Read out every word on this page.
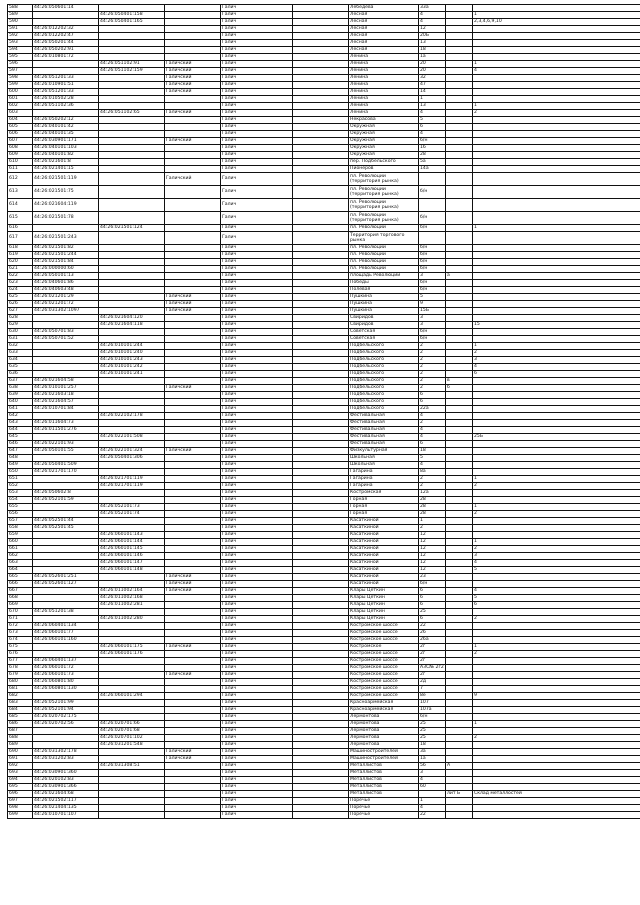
588	44:26:050601:14			Галич		Лебедева	33а		
589		44:26:050401:158		Галич		Лесная	4		1
590		44:26:050401:165		Галич		Лесная	4		2,3,4,6,9,10
591	44:26:012202:32			Галич		Лесная	12		
592	44:26:012202:47			Галич		Лесная	20Б		
593	44:26:050201:44			Галич		Лесная	13		
594	44:26:050202:91			Галич		Лесная	18		
595	44:26:010801:72			Галич		Ленина	1а		
596		44:26:051102:91	Галичский	Галич		Ленина	20		1
597		44:26:051102:159	Галичский	Галич		Ленина	20		4
598	44:26:051201:33		Галичский	Галич		Ленина	32		
599	44:26:010901:51		Галичский	Галич		Ленина	47		
600	44:26:051201:33		Галичский	Галич		Ленина	14		
601	44:26:010502:28			Галич		Ленина	1		
602	44:26:051102:36			Галич		Ленина	13		1
603		44:26:051102:65	Галичский	Галич		Ленина	4		2
604	44:26:050202:12			Галич		Некрасова	5		
605	44:26:040101:42			Галич		Окружная	6		
606	44:26:040101:35			Галич		Окружная	4		
607	44:26:030901:171		Галичский	Галич		Окружная	6/н		
608	44:26:040101:103			Галич		Окружная	16		
609	44:26:040101:82			Галич		Окружная	28		
610	44:26:021601:8			Галич		пер. Подбельского	5а		
611	44:26:021401:15			Галич		Пионеров	14а		
612	44:26:021501:119		Галичский	Галич		пл. Революции (территория рынка)			
613	44:26:021501:75			Галич		пл. Революции (территория рынка)	б/н		
614	44:26:021604:119			Галич		пл. Революции (территория рынка)			
615	44:26:021501:78			Галич		пл. Революции (территория рынка)	б/н		
616		44:26:021501:124		Галич		пл. Революции	б/н		1
617	44:26:021501:243			Галич		Территория торгового рынка			
618	44:26:021501:82			Галич		пл. Революции	б/н		
619	44:26:021501:244			Галич		пл. Революции	б/н		
620	44:26:021501:84			Галич		пл. Революции	б/н		
621	44:26:000000:60			Галич		пл. Революции	б/н		
622	44:26:050101:13			Галич		площадь Революции	3	а	
623	44:26:040601:86			Галич		Победы	б/н		
624	44:26:040603:48			Галич		Полевая	б/н		
625	44:26:021201:29		Галичский	Галич		Пушкина	5		
626	44:26:021201:72		Галичский	Галич		Пушкина	9		
627	44:26:031302:1097		Галичский	Галич		Пушкина	15Б		
628		44:26:021604:120		Галич		Свиридов	3		
629		44:26:021604:118		Галич		Свиридов	3		15
630	44:26:050701:83			Галич		Советская	б/н		
631	44:26:050701:52			Галич		Советская	б/н		
632		44:26:010101:244		Галич		Подбельского	2		1
633		44:26:010101:240		Галич		Подбельского	2		2
634		44:26:010101:243		Галич		Подбельского	2		3
635		44:26:010101:242		Галич		Подбельского	2		4
636		44:26:010101:241		Галич		Подбельского	2		6
637	44:26:021604:58			Галич		Подбельского	2	в	
638	44:26:010101:257		Галичский	Галич		Подбельского	2	б	
639	44:26:021603:18			Галич		Подбельского	6		
640	44:26:021604:57			Галич		Подбельского	6		
641	44:26:010701:84			Галич		Подбельского	22а		
642		44:26:022102:178		Галич		Фестивальная	4		
643	44:26:011604:73			Галич		Фестивальная	2		
644	44:26:011501:276			Галич		Фестивальная	4		
645		44:26:022101:508		Галич		Фестивальная	4		25Б
646	44:26:022101:93			Галич		Фестивальная	6		
647	44:26:050101:55	44:26:022101:324	Галичский	Галич		Физкультурная	18		
648		44:26:050401:306		Галич		Школьная	5		
649	44:26:050401:509			Галич		Школьная	4		
650	44:26:021701:170			Галич		Гагарина	8а		
651		44:26:021701:119		Галич		Гагарина	2		1
652		44:26:021701:119		Галич		Гагарина	2		2
653	44:26:050602:8			Галич		Костромская	12а		
654	44:26:052101:59			Галич		Горная	28		
655		44:26:052101:73		Галич		Горная	28		1
656		44:26:052101:74		Галич		Горная	28		2
657	44:26:052501:44			Галич		Касаткиной	1		
658	44:26:052501:45			Галич		Касаткиной	2		
659		44:26:060101:143		Галич		Касаткиной	12		
660		44:26:060101:144		Галич		Касаткиной	12		1
661		44:26:060101:145		Галич		Касаткиной	12		2
662		44:26:060101:146		Галич		Касаткиной	12		3
663		44:26:060101:147		Галич		Касаткиной	12		4
664		44:26:060101:148		Галич		Касаткиной	12		5
665	44:26:052601:251		Галичский	Галич		Касаткиной	23		
666	44:26:052601:127		Галичский	Галич		Касаткиной	б/н		
667		44:26:011002:164	Галичский	Галич		Клары Цеткин	6		4
668		44:26:011002:168		Галич		Клары Цеткин	6		5
669		44:26:011002:281		Галич		Клары Цеткин	6		6
670	44:26:051201:38			Галич		Клары Цеткин	25		
671		44:26:011002:280		Галич		Клары Цеткин	6		2
672	44:26:060401:134			Галич		Костромское шоссе	22		
673	44:26:060101:77			Галич		Костромское шоссе	26		
674	44:26:060101:160			Галич		Костромское шоссе	26а		
675		44:26:060101:175	Галичский	Галич		Костромское	2г		1
676		44:26:060101:176		Галич		Костромское шоссе	2г		2
677	44:26:060401:137			Галич		Костромское шоссе	2г		
678	44:26:060101:72			Галич		Костромское шоссе	АЗС№ 2г2		
679	44:26:060101:73		Галичский	Галич		Костромское шоссе	2г		
680	44:26:060801:80			Галич		Костромское шоссе	2д		
681	44:26:060801:130			Галич		Костромское шоссе	7		
682		44:26:060101:294		Галич		Костромское шоссе	8е		9
683	44:26:052101:99			Галич		Красноармейская	107		
684	44:26:052101:94			Галич		Красноармейская	107а		
685	44:26:020702:175			Галич		Лермонтова	6/н		
686	44:26:020702:56	44:26:020701:66		Галич		Лермонтова	25		1
687		44:26:020701:68		Галич		Лермонтова	25		
688		44:26:020701:102		Галич		Лермонтова	25		2
689		44:26:031201:548		Галич		Лермонтова	18		
690	44:26:031302:178		Галичский	Галич		Машиностроителей	3а		
691	44:26:031202:83		Галичский	Галич		Машиностроителей	1а		
692		44:26:031308:51		Галич		Металлистов	56	А	
693	44:26:030901:360			Галич		Металлистов	3		
694	44:26:020102:83			Галич		Металлистов	4		
695	44:26:030901:366			Галич		Металлистов	60		
696	44:26:021604:68			Галич		Металлистов		лит Б	Склад металлостей
697	44:26:021502:117			Галич		Поречье	1		
698	44:26:021404:135			Галич		Поречье	4		
699	44:26:010701:107			Галич		Поречье	22		
